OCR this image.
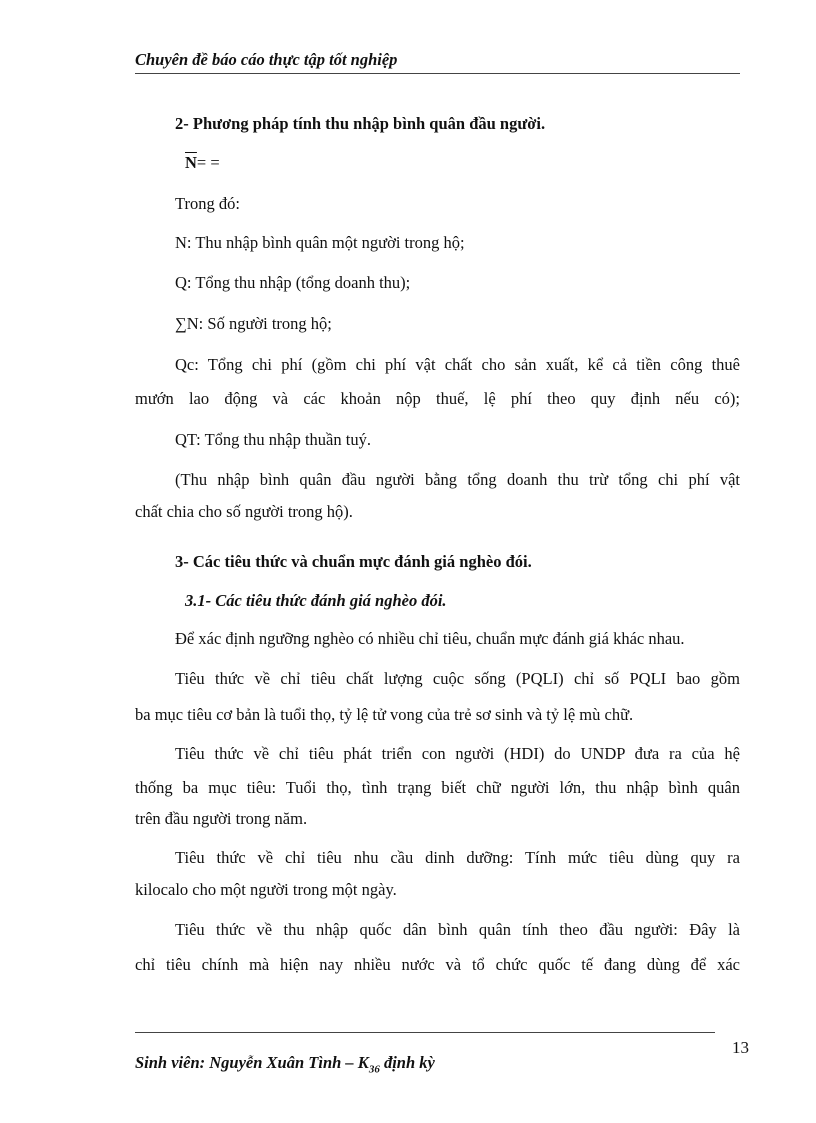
Chuyên đề báo cáo thực tập tốt nghiệp
2- Phương pháp tính thu nhập bình quân đầu người.
$\overline{N}=$ =
Trong đó:
N: Thu nhập bình quân một người trong hộ;
Q: Tổng thu nhập (tổng doanh thu);
∑N: Số người trong hộ;
Qc: Tổng chi phí (gồm chi phí vật chất cho sản xuất, kể cả tiền công thuê
mướn lao động và các khoản nộp thuế, lệ phí theo quy định nếu có);
QT: Tổng thu nhập thuần tuý.
(Thu nhập bình quân đầu người bằng tổng doanh thu trừ tổng chi phí vật
chất chia cho số người trong hộ).
3- Các tiêu thức và chuẩn mực đánh giá nghèo đói.
3.1- Các tiêu thức đánh giá nghèo đói.
Để xác định ngưỡng nghèo có nhiều chỉ tiêu, chuẩn mực đánh giá khác nhau.
Tiêu thức về chỉ tiêu chất lượng cuộc sống (PQLI) chỉ số PQLI bao gồm
ba mục tiêu cơ bản là tuổi thọ, tỷ lệ tử vong của trẻ sơ sinh và tỷ lệ mù chữ.
Tiêu thức về chỉ tiêu phát triển con người (HDI) do UNDP đưa ra của hệ
thống ba mục tiêu: Tuổi thọ, tình trạng biết chữ người lớn, thu nhập bình quân
trên đầu người trong năm.
Tiêu thức về chỉ tiêu nhu cầu dinh dưỡng: Tính mức tiêu dùng quy ra
kilocalo cho một người trong một ngày.
Tiêu thức về thu nhập quốc dân bình quân tính theo đầu người: Đây là
chỉ tiêu chính mà hiện nay nhiều nước và tổ chức quốc tế đang dùng để xác
13
Sinh viên: Nguyễn Xuân Tình – $K_{36}$ định kỳ
